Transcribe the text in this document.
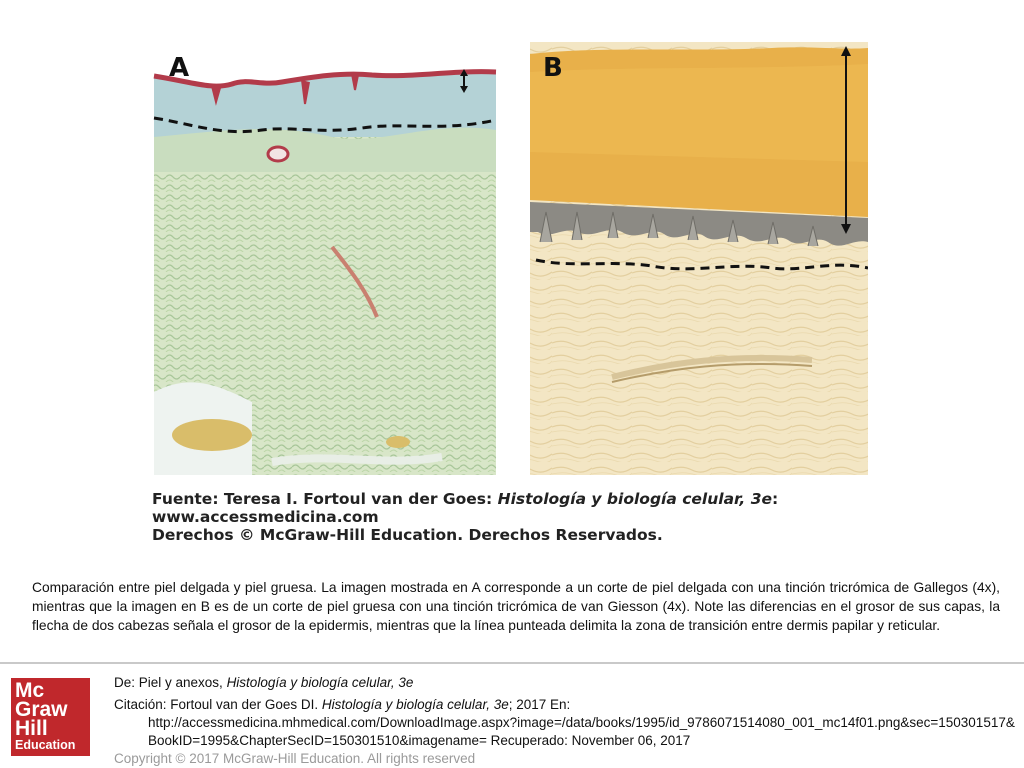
A	B
Fuente: Teresa I. Fortoul van der Goes: Histología y biología celular, 3e:
www.accessmedicina.com
Derechos © McGraw-Hill Education. Derechos Reservados.
Comparación entre piel delgada y piel gruesa. La imagen mostrada en A corresponde a un corte de piel delgada con una tinción tricrómica de Gallegos (4x), mientras que la imagen en B es de un corte de piel gruesa con una tinción tricrómica de van Giesson (4x). Note las diferencias en el grosor de sus capas, la flecha de dos cabezas señala el grosor de la epidermis, mientras que la línea punteada delimita la zona de transición entre dermis papilar y reticular.
Mc
Graw
Hill
Education
De: Piel y anexos, Histología y biología celular, 3e
Citación: Fortoul van der Goes DI. Histología y biología celular, 3e; 2017 En:
http://accessmedicina.mhmedical.com/DownloadImage.aspx?image=/data/books/1995/id_9786071514080_001_mc14f01.png&sec=150301517&BookID=1995&ChapterSecID=150301510&imagename= Recuperado: November 06, 2017
Copyright © 2017 McGraw-Hill Education. All rights reserved
